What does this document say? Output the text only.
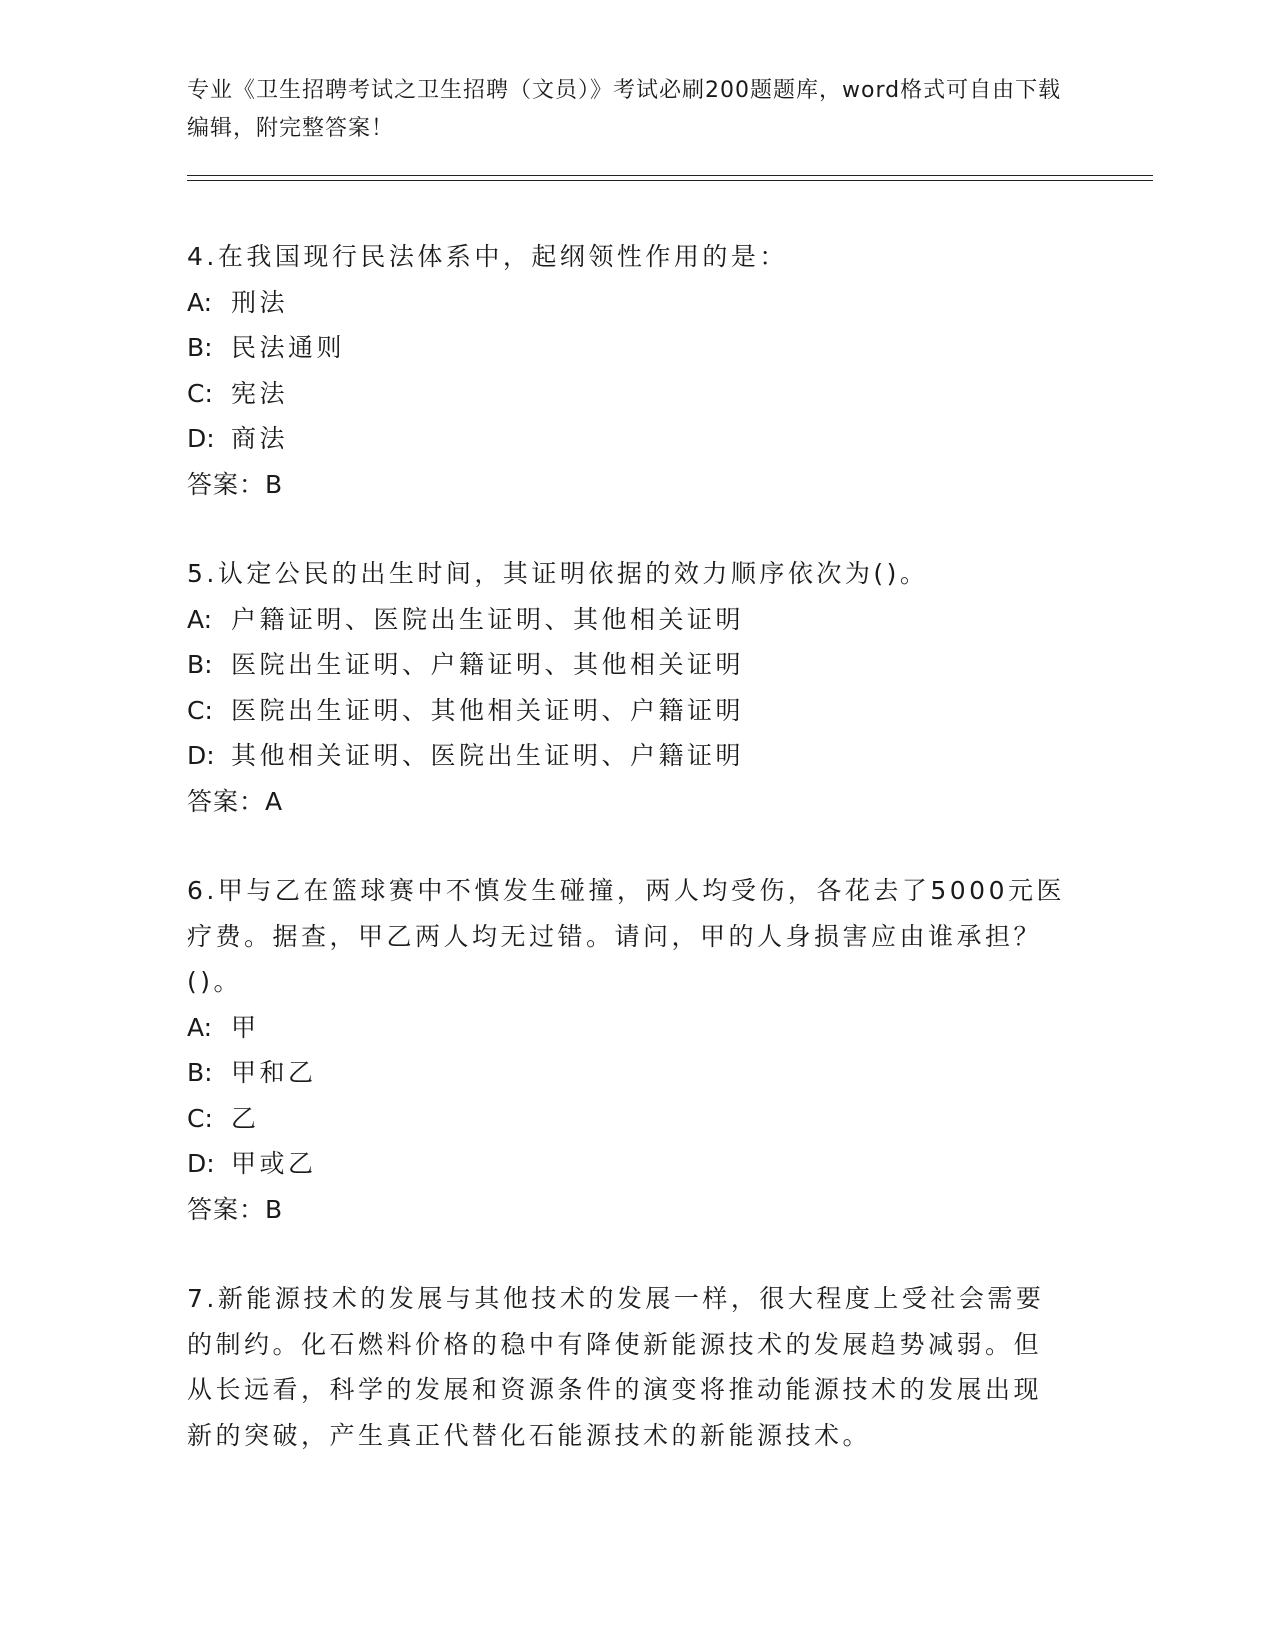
专业《卫生招聘考试之卫生招聘（文员）》考试必刷200题题库，word格式可自由下载编辑，附完整答案！

4.在我国现行民法体系中，起纲领性作用的是：

A: 刑法

B: 民法通则

C: 宪法

D: 商法

答案：B

5.认定公民的出生时间，其证明依据的效力顺序依次为()。

A: 户籍证明、医院出生证明、其他相关证明

B: 医院出生证明、户籍证明、其他相关证明

C: 医院出生证明、其他相关证明、户籍证明

D: 其他相关证明、医院出生证明、户籍证明

答案：A

6.甲与乙在篮球赛中不慎发生碰撞，两人均受伤，各花去了5000元医疗费。据查，甲乙两人均无过错。请问，甲的人身损害应由谁承担？()。

A: 甲

B: 甲和乙

C: 乙

D: 甲或乙

答案：B

7.新能源技术的发展与其他技术的发展一样，很大程度上受社会需要的制约。化石燃料价格的稳中有降使新能源技术的发展趋势减弱。但从长远看，科学的发展和资源条件的演变将推动能源技术的发展出现新的突破，产生真正代替化石能源技术的新能源技术。
